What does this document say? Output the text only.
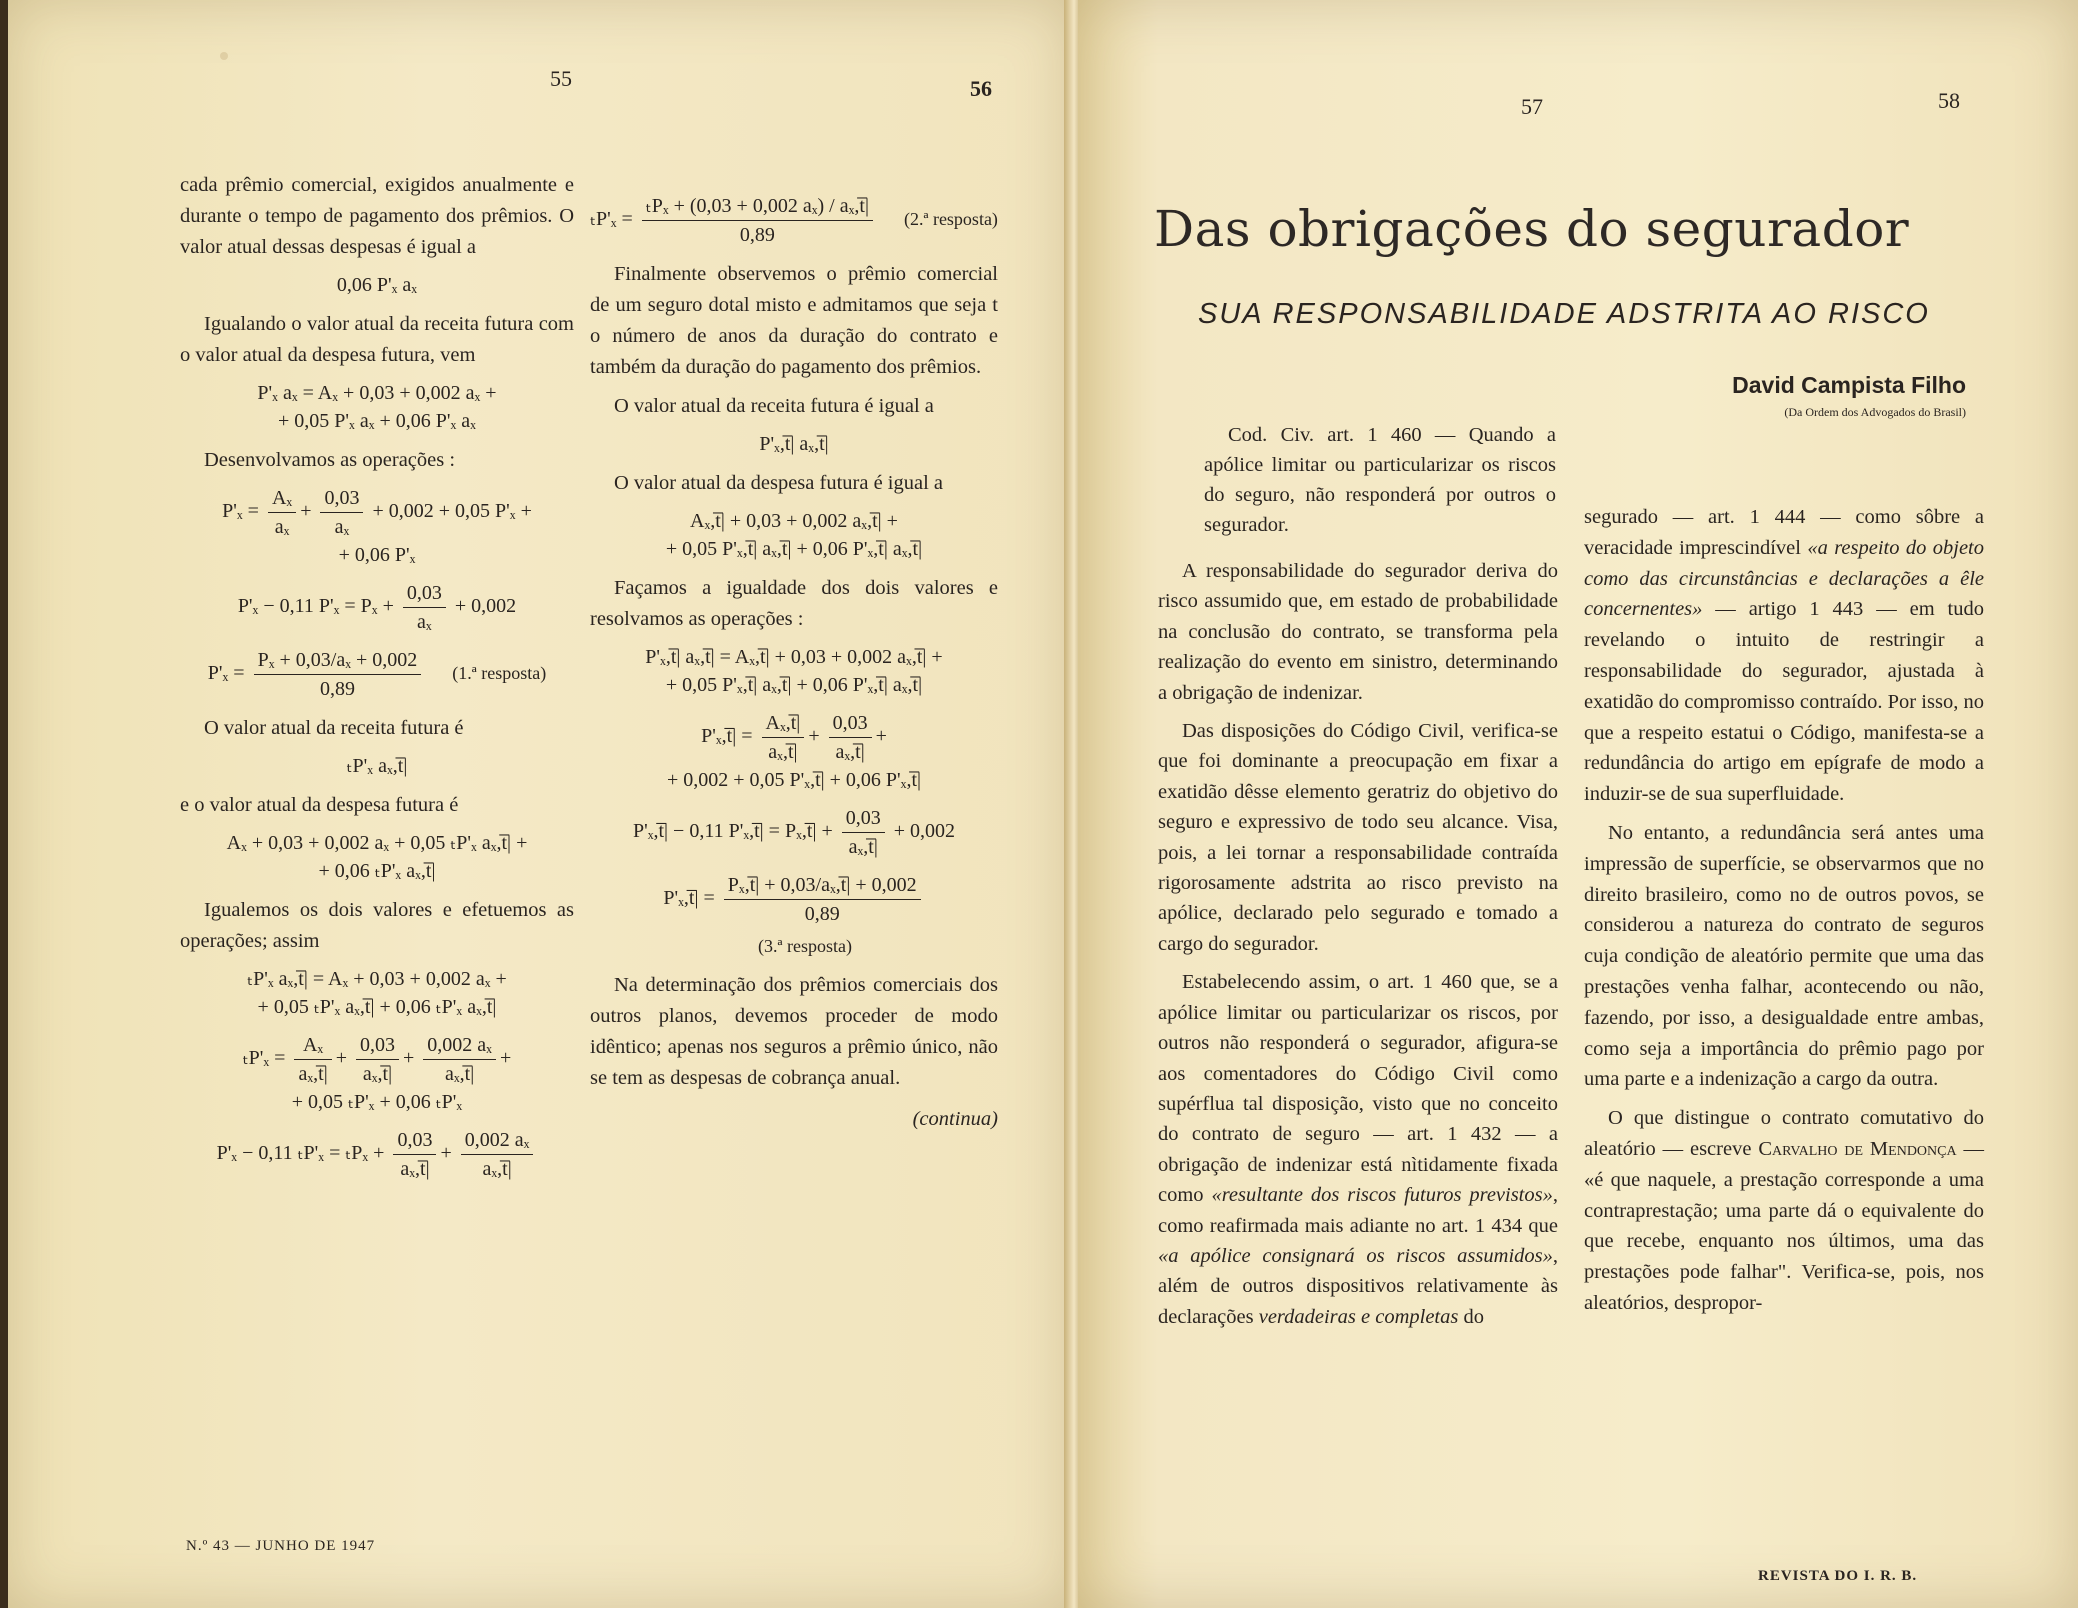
55	56

cada prêmio comercial, exigidos anualmente e durante o tempo de pagamento dos prêmios. O valor atual dessas despesas é igual a

0,06 P'ₓ aₓ

Igualando o valor atual da receita futura com o valor atual da despesa futura, vem

P'ₓ aₓ = Aₓ + 0,03 + 0,002 aₓ +
+ 0,05 P'ₓ aₓ + 0,06 P'ₓ aₓ

Desenvolvamos as operações :

$P'_x = \frac{\text{Aₓ}}{\text{aₓ}} + \frac{0,03}{\text{aₓ}} + 0,002 + 0,05$ P'ₓ +
+ 0,06 P'ₓ
P'ₓ − 0,11 $P'_x = P_x + \frac{0,03}{\text{aₓ}} + 0,002$
$P'_x = \frac{\text{Pₓ + 0,03/aₓ + 0,002}}{0,89}$ (1.ª resposta)

O valor atual da receita futura é

ₜP'ₓ aₓ,t̅|

e o valor atual da despesa futura é

Aₓ + 0,03 + 0,002 aₓ + 0,05 ₜP'ₓ aₓ,t̅| +
+ 0,06 ₜP'ₓ aₓ,t̅|

Igualemos os dois valores e efetuemos as operações; assim

ₜP'ₓ aₓ,t̅| = Aₓ + 0,03 + 0,002 aₓ +
+ 0,05 ₜP'ₓ aₓ,t̅| + 0,06 ₜP'ₓ aₓ,t̅|
$_tP'_x = \frac{\text{Aₓ}}{\text{aₓ,t̅|}} + \frac{0,03}{\text{aₓ,t̅|}} + \frac{\text{0,002 aₓ}}{\text{aₓ,t̅|}}$ +
+ 0,05 ₜP'ₓ + 0,06 ₜP'ₓ
P'ₓ − 0,11 $_tP'_x = _tP_x + \frac{0,03}{\text{aₓ,t̅|}} + \frac{\text{0,002 aₓ}}{\text{aₓ,t̅|}}$
$_tP'_x = \frac{\text{ₜPₓ + (0,03 + 0,002 aₓ) / aₓ,t̅|}}{0,89}$ (2.ª resposta)

Finalmente observemos o prêmio comercial de um seguro dotal misto e admitamos que seja t o número de anos da duração do contrato e também da duração do pagamento dos prêmios.

O valor atual da receita futura é igual a

P'ₓ,t̅| aₓ,t̅|

O valor atual da despesa futura é igual a

Aₓ,t̅| + 0,03 + 0,002 aₓ,t̅| +
+ 0,05 P'ₓ,t̅| aₓ,t̅| + 0,06 P'ₓ,t̅| aₓ,t̅|

Façamos a igualdade dos dois valores e resolvamos as operações :

P'ₓ,t̅| aₓ,t̅| = Aₓ,t̅| + 0,03 + 0,002 aₓ,t̅| +
+ 0,05 P'ₓ,t̅| aₓ,t̅| + 0,06 P'ₓ,t̅| aₓ,t̅|
P'ₓ,t̅| = $\frac{\text{Aₓ,t̅|}}{\text{aₓ,t̅|}} + \frac{0,03}{\text{aₓ,t̅|}}$ +
+ 0,002 + 0,05 P'ₓ,t̅| + 0,06 P'ₓ,t̅|
P'ₓ,t̅| − 0,11 P'ₓ,t̅| = Pₓ,t̅| + $\frac{0,03}{\text{aₓ,t̅|}} + 0,002$
P'ₓ,t̅| = $\frac{\text{Pₓ,t̅| + 0,03/aₓ,t̅| + 0,002}}{0,89}$
(3.ª resposta)

Na determinação dos prêmios comerciais dos outros planos, devemos proceder de modo idêntico; apenas nos seguros a prêmio único, não se tem as despesas de cobrança anual.

(continua)
N.º 43 — JUNHO DE 1947
57	58
REVISTA DO I. R. B.
Das obrigações do segurador
SUA RESPONSABILIDADE ADSTRITA AO RISCO
David Campista Filho
(Da Ordem dos Advogados do Brasil)

Cod. Civ. art. 1 460 — Quando a apólice limitar ou particularizar os riscos do seguro, não responderá por outros o segurador.

A responsabilidade do segurador deriva do risco assumido que, em estado de probabilidade na conclusão do contrato, se transforma pela realização do evento em sinistro, determinando a obrigação de indenizar.

Das disposições do Código Civil, verifica-se que foi dominante a preocupação em fixar a exatidão dêsse elemento geratriz do objetivo do seguro e expressivo de todo seu alcance. Visa, pois, a lei tornar a responsabilidade contraída rigorosamente adstrita ao risco previsto na apólice, declarado pelo segurado e tomado a cargo do segurador.

Estabelecendo assim, o art. 1 460 que, se a apólice limitar ou particularizar os riscos, por outros não responderá o segurador, afigura-se aos comentadores do Código Civil como supérflua tal disposição, visto que no conceito do contrato de seguro — art. 1 432 — a obrigação de indenizar está nìtidamente fixada como «resultante dos riscos futuros previstos», como reafirmada mais adiante no art. 1 434 que «a apólice consignará os riscos assumidos», além de outros dispositivos relativamente às declarações verdadeiras e completas do

segurado — art. 1 444 — como sôbre a veracidade imprescindível «a respeito do objeto como das circunstâncias e declarações a êle concernentes» — artigo 1 443 — em tudo revelando o intuito de restringir a responsabilidade do segurador, ajustada à exatidão do compromisso contraído. Por isso, no que a respeito estatui o Código, manifesta-se a redundância do artigo em epígrafe de modo a induzir-se de sua superfluidade.

No entanto, a redundância será antes uma impressão de superfície, se observarmos que no direito brasileiro, como no de outros povos, se considerou a natureza do contrato de seguros cuja condição de aleatório permite que uma das prestações venha falhar, acontecendo ou não, fazendo, por isso, a desigualdade entre ambas, como seja a importância do prêmio pago por uma parte e a indenização a cargo da outra.

O que distingue o contrato comutativo do aleatório — escreve Carvalho de Mendonça — «é que naquele, a prestação corresponde a uma contraprestação; uma parte dá o equivalente do que recebe, enquanto nos últimos, uma das prestações pode falhar". Verifica-se, pois, nos aleatórios, despropor-
